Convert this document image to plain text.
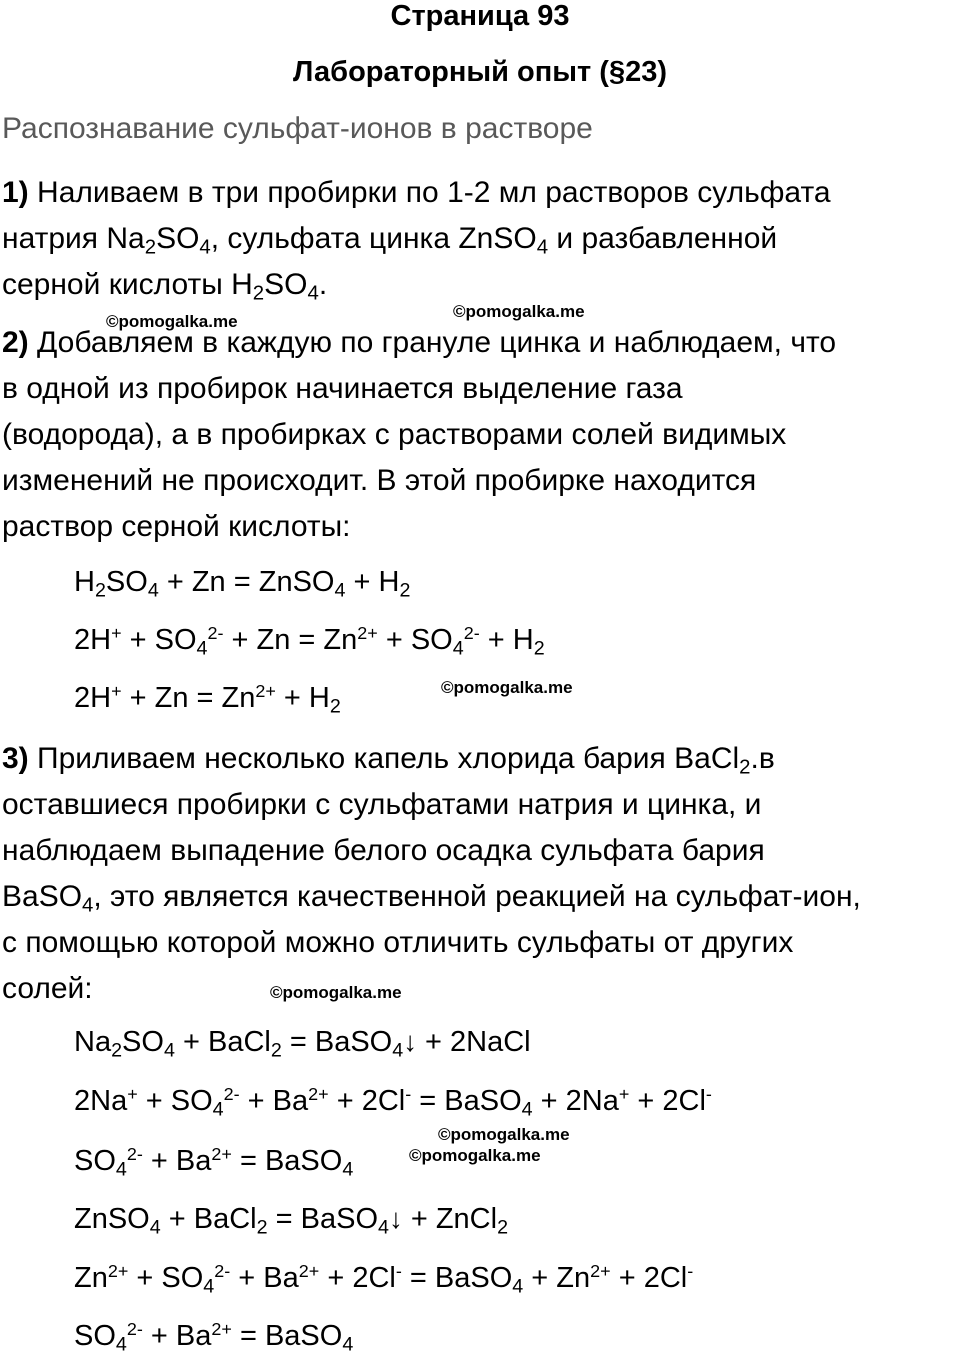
Страница 93
Лабораторный опыт (§23)
Распознавание сульфат-ионов в растворе
1) Наливаем в три пробирки по 1-2 мл растворов сульфата
натрия $Na_2SO_4$, сульфата цинка ZnSO$_4$ и разбавленной
серной кислоты $H_2SO_4$.
©pomogalka.me
©pomogalka.me
2) Добавляем в каждую по грануле цинка и наблюдаем, что
в одной из пробирок начинается выделение газа
(водорода), а в пробирках с растворами солей видимых
изменений не происходит. В этой пробирке находится
раствор серной кислоты:
$H_2SO_4 + Zn$ = ZnSO$_4$ + $H_2$
$2H^+ + SO_4^{2-} + Zn = Zn^{2+} + SO_4^{2-} + H_2$
$2H^+ + Zn = Zn^{2+} + H_2$
©pomogalka.me
3) Приливаем несколько капель хлорида бария BaCl$_2$.в
оставшиеся пробирки с сульфатами натрия и цинка, и
наблюдаем выпадение белого осадка сульфата бария
BaSO$_4$, это является качественной реакцией на сульфат-ион,
с помощью которой можно отличить сульфаты от других
солей:	©pomogalka.me
$Na_2SO_4$ + BaCl$_2$ = BaSO$_4$↓ + 2NaCl
$2Na^+ + SO_4^{2-} + Ba^{2+} + 2Cl^-$ = BaSO$_4$ + 2Na+ + 2Cl-
©pomogalka.me
$SO_4^{2-} + Ba^{2+}$ = BaSO$_4$
©pomogalka.me
ZnSO$_4$ + BaCl$_2$ = BaSO$_4$↓ + ZnCl$_2$
$Zn^{2+} + SO_4^{2-} + Ba^{2+} + 2Cl^-$ = BaSO$_4$ + $Zn^{2+} + 2Cl^-$
$SO_4^{2-} + Ba^{2+}$ = BaSO$_4$
